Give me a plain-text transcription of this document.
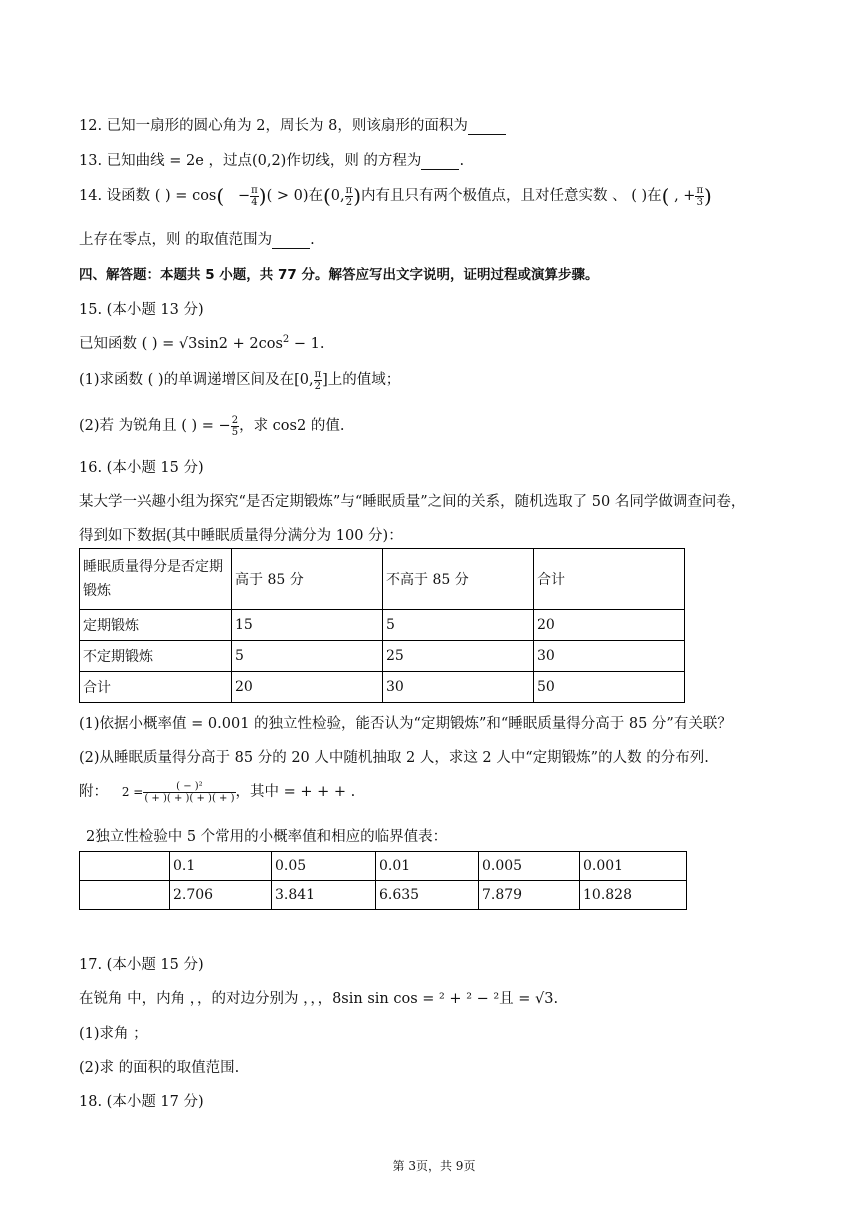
12. 已知一扇形的圆心角为 2，周长为 8，则该扇形的面积为
13. 已知曲线 = 2e ，过点(0,2)作切线，则 的方程为	.
14. 设函数 ( ) = $\cos( - \frac{\pi}{4}$ )( > 0)在(0, $\frac{\pi}{2}$ )内有且只有两个极值点，且对任意实数 、 ( )在( , + $\frac{\pi}{3}$ )
上存在零点，则 的取值范围为	.
四、解答题：本题共 5 小题，共 77 分。解答应写出文字说明，证明过程或演算步骤。
15. (本小题 13 分)
已知函数 ( ) = $√3\sin 2 + 2\cos^2 - 1$.
(1)求函数 ( )的单调递增区间及在[0, $\frac{\pi}{2}$ ]上的值域；
(2)若 为锐角且 ( ) = − $\frac{2}{5}$ ，求 cos2 的值.
16. (本小题 15 分)
某大学一兴趣小组为探究“是否定期锻炼”与“睡眠质量”之间的关系，随机选取了 50 名同学做调查问卷，
得到如下数据(其中睡眠质量得分满分为 100 分)：
睡眠质量得分是否定期锻炼	高于 85 分	不高于 85 分	合计
定期锻炼	15	5	20
不定期锻炼	5	25	30
合计	20	30	50
(1)依据小概率值 = 0.001 的独立性检验，能否认为“定期锻炼”和“睡眠质量得分高于 85 分”有关联？
(2)从睡眠质量得分高于 85 分的 20 人中随机抽取 2 人，求这 2 人中“定期锻炼”的人数 的分布列.
附： $2 = \frac{\text{( − )²}}{( + )( + )( + )( + )}$ ，其中 = + + + .
2独立性检验中 5 个常用的小概率值和相应的临界值表：
	0.1	0.05	0.01	0.005	0.001
	2.706	3.841	6.635	7.879	10.828
17. (本小题 15 分)
在锐角 中，内角 ，，的对边分别为 ，，，8sin sin cos = ² + ² − ²且 = √3.
(1)求角 ；
(2)求 的面积的取值范围.
18. (本小题 17 分)
第 3页，共 9页
